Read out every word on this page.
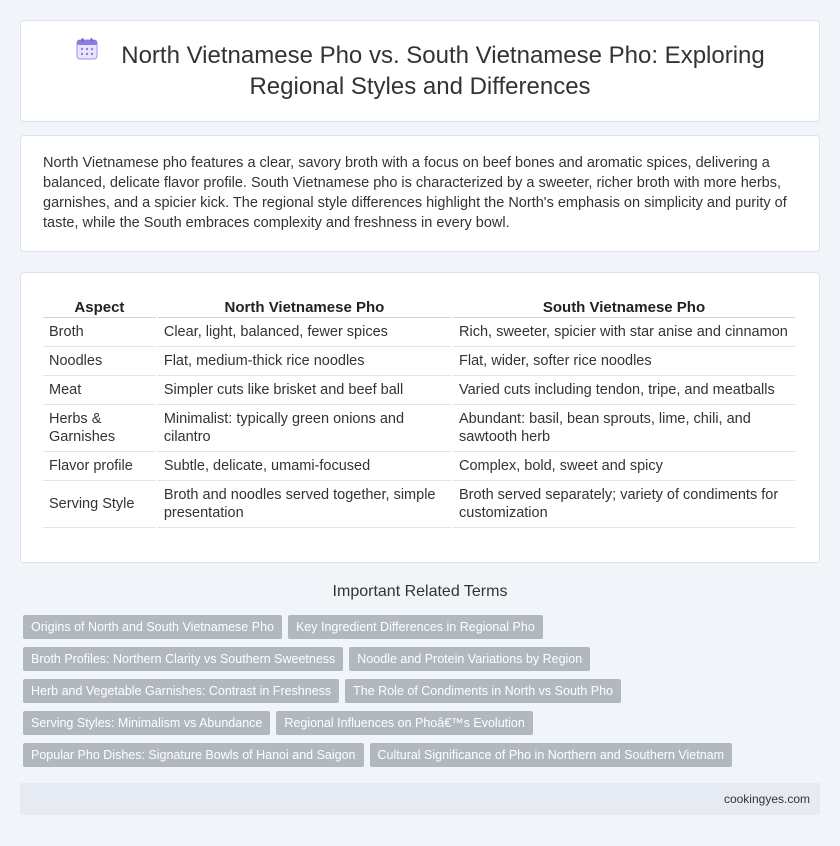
North Vietnamese Pho vs. South Vietnamese Pho: Exploring Regional Styles and Differences

North Vietnamese pho features a clear, savory broth with a focus on beef bones and aromatic spices, delivering a balanced, delicate flavor profile. South Vietnamese pho is characterized by a sweeter, richer broth with more herbs, garnishes, and a spicier kick. The regional style differences highlight the North's emphasis on simplicity and purity of taste, while the South embraces complexity and freshness in every bowl.

Aspect	North Vietnamese Pho	South Vietnamese Pho
Broth	Clear, light, balanced, fewer spices	Rich, sweeter, spicier with star anise and cinnamon
Noodles	Flat, medium-thick rice noodles	Flat, wider, softer rice noodles
Meat	Simpler cuts like brisket and beef ball	Varied cuts including tendon, tripe, and meatballs
Herbs & Garnishes	Minimalist: typically green onions and cilantro	Abundant: basil, bean sprouts, lime, chili, and sawtooth herb
Flavor profile	Subtle, delicate, umami-focused	Complex, bold, sweet and spicy
Serving Style	Broth and noodles served together, simple presentation	Broth served separately; variety of condiments for customization
Important Related Terms
Origins of North and South Vietnamese Pho	Key Ingredient Differences in Regional Pho
Broth Profiles: Northern Clarity vs Southern Sweetness	Noodle and Protein Variations by Region
Herb and Vegetable Garnishes: Contrast in Freshness	The Role of Condiments in North vs South Pho
Serving Styles: Minimalism vs Abundance	Regional Influences on Phoâ€™s Evolution
Popular Pho Dishes: Signature Bowls of Hanoi and Saigon	Cultural Significance of Pho in Northern and Southern Vietnam
cookingyes.com
